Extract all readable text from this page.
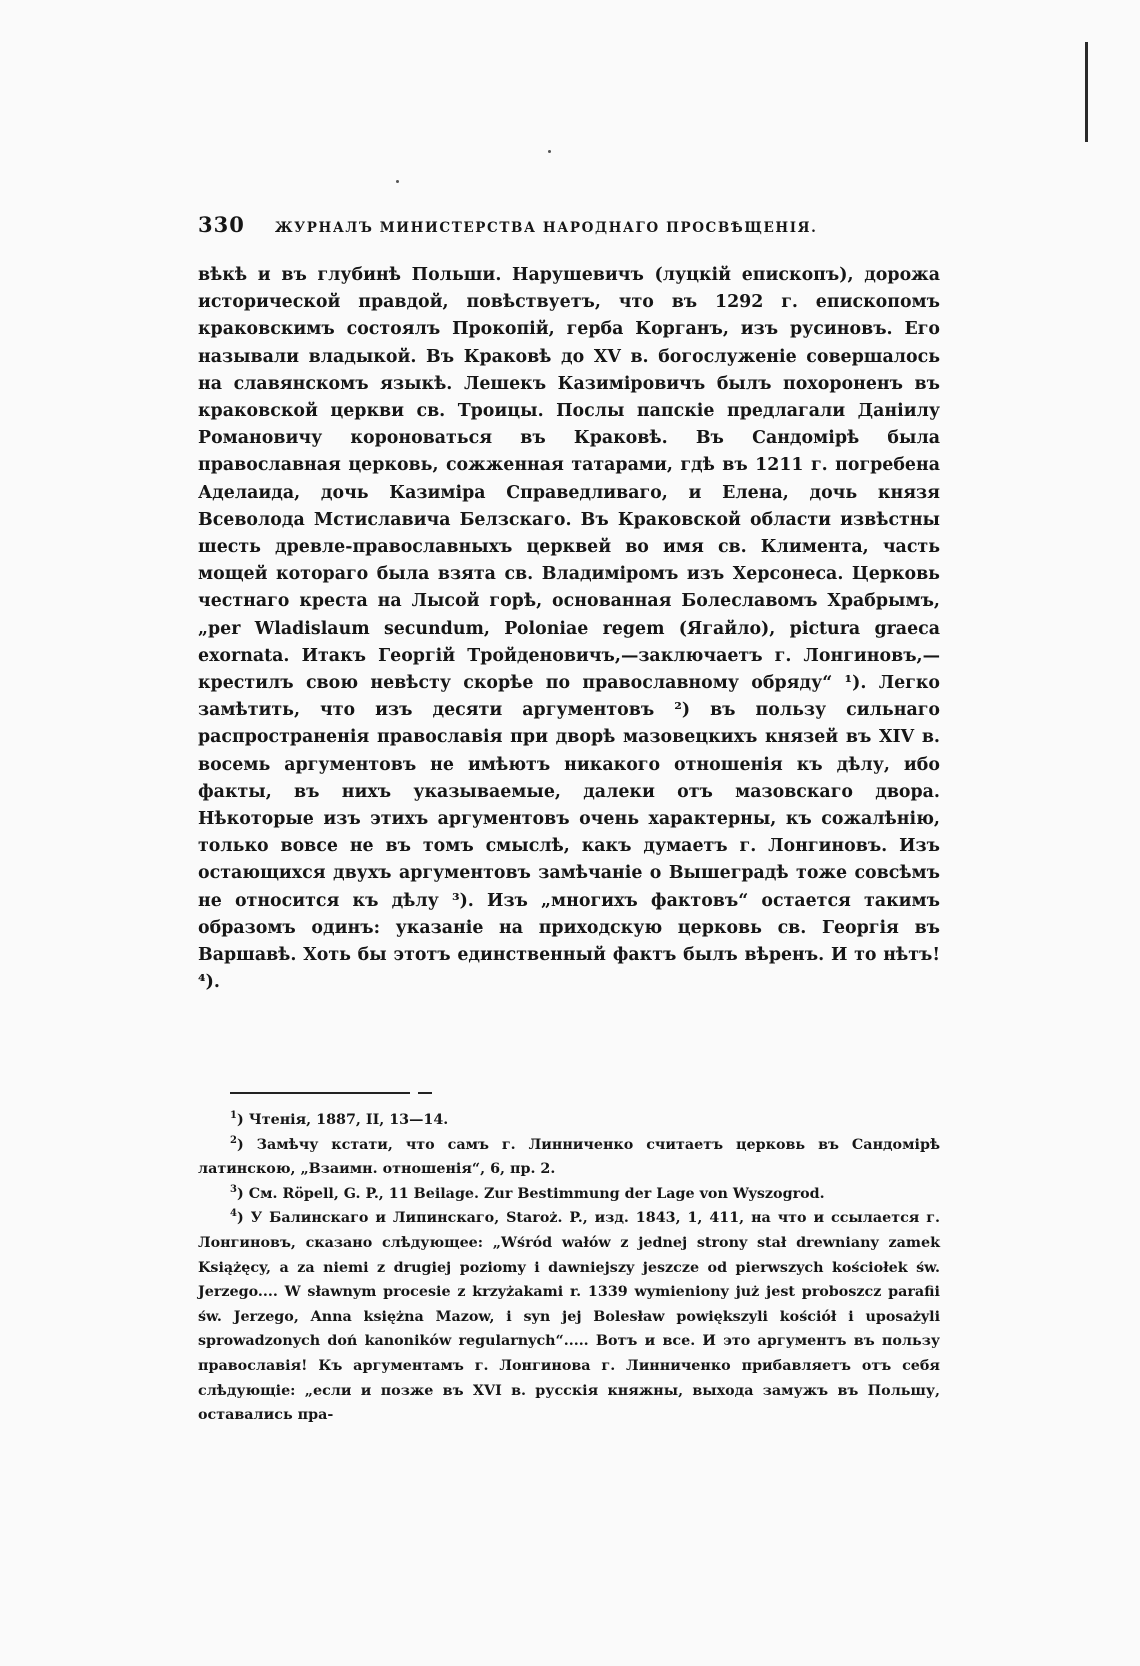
330 ЖУРНАЛЪ МИНИСТЕРСТВА НАРОДНАГО ПРОСВѢЩЕНІЯ.

вѣкѣ и въ глубинѣ Польши. Нарушевичъ (луцкій епископъ), дорожа исторической правдой, повѣствуетъ, что въ 1292 г. епископомъ краковскимъ состоялъ Прокопій, герба Корганъ, изъ русиновъ. Его называли владыкой. Въ Краковѣ до XV в. богослуженіе совершалось на славянскомъ языкѣ. Лешекъ Казиміровичъ былъ похороненъ въ краковской церкви св. Троицы. Послы папскіе предлагали Даніилу Романовичу короноваться въ Краковѣ. Въ Сандомірѣ была православная церковь, сожженная татарами, гдѣ въ 1211 г. погребена Аделаида, дочь Казиміра Справедливаго, и Елена, дочь князя Всеволода Мстиславича Белзскаго. Въ Краковской области извѣстны шесть древле-православныхъ церквей во имя св. Климента, часть мощей котораго была взята св. Владиміромъ изъ Херсонеса. Церковь честнаго креста на Лысой горѣ, основанная Болеславомъ Храбрымъ, „per Wladislaum secundum, Poloniae regem (Ягайло), pictura graeca exornata. Итакъ Георгій Тройденовичъ,—заключаетъ г. Лонгиновъ,— крестилъ свою невѣсту скорѣе по православному обряду“ ¹). Легко замѣтить, что изъ десяти аргументовъ ²) въ пользу сильнаго распространенія православія при дворѣ мазовецкихъ князей въ XIV в. восемь аргументовъ не имѣютъ никакого отношенія къ дѣлу, ибо факты, въ нихъ указываемые, далеки отъ мазовскаго двора. Нѣкоторые изъ этихъ аргументовъ очень характерны, къ сожалѣнію, только вовсе не въ томъ смыслѣ, какъ думаетъ г. Лонгиновъ. Изъ остающихся двухъ аргументовъ замѣчаніе о Вышеградѣ тоже совсѣмъ не относится къ дѣлу ³). Изъ „многихъ фактовъ“ остается такимъ образомъ одинъ: указаніе на приходскую церковь св. Георгія въ Варшавѣ. Хоть бы этотъ единственный фактъ былъ вѣренъ. И то нѣтъ! ⁴).

$^1$) Чтенія, 1887, II, 13—14.

$^2$) Замѣчу кстати, что самъ г. Линниченко считаетъ церковь въ Сандомірѣ латинскою, „Взаимн. отношенія“, 6, пр. 2.

$^3$) См. Röpell, G. P., 11 Beilage. Zur Bestimmung der Lage von Wyszogrod.

$^4$) У Балинскаго и Липинскаго, Staroż. P., изд. 1843, 1, 411, на что и ссылается г. Лонгиновъ, сказано слѣдующее: „Wśród wałów z jednej strony stał drewniany zamek Książęcy, a za niemi z drugiej poziomy i dawniejszy jeszcze od pierwszych kościołek św. Jerzego.... W sławnym procesie z krzyżakami r. 1339 wymieniony już jest proboszcz parafii św. Jerzego, Anna księżna Mazow, i syn jej Bolesław powiększyli kościół i uposażyli sprowadzonych doń kanoników regularnych“..... Вотъ и все. И это аргументъ въ пользу православія! Къ аргументамъ г. Лонгинова г. Линниченко прибавляетъ отъ себя слѣдующіе: „если и позже въ XVI в. русскія княжны, выхода замужъ въ Польшу, оставались пра-
